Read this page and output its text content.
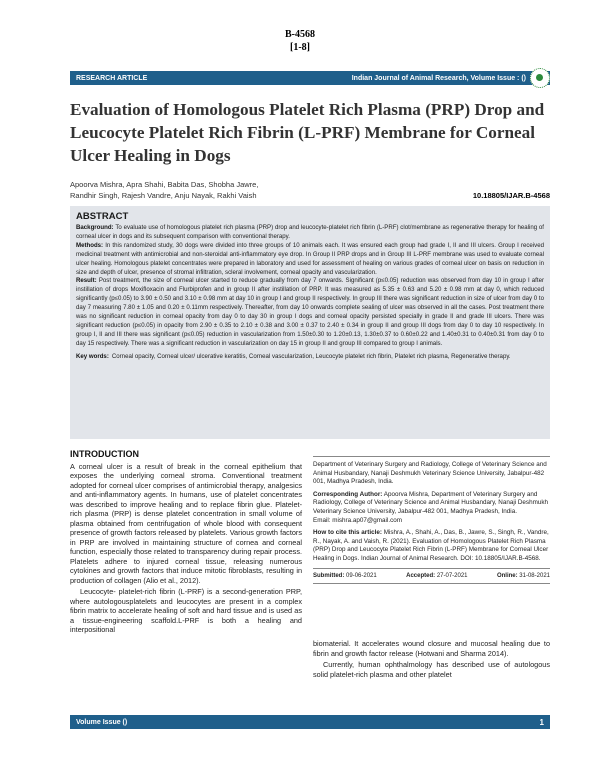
B-4568
[1-8]
RESEARCH ARTICLE	Indian Journal of Animal Research, Volume Issue : ()
Evaluation of Homologous Platelet Rich Plasma (PRP) Drop and Leucocyte Platelet Rich Fibrin (L-PRF) Membrane for Corneal Ulcer Healing in Dogs
Apoorva Mishra, Apra Shahi, Babita Das, Shobha Jawre,
Randhir Singh, Rajesh Vandre, Anju Nayak, Rakhi Vaish	10.18805/IJAR.B-4568
ABSTRACT

Background: To evaluate use of homologous platelet rich plasma (PRP) drop and leucocyte-platelet rich fibrin (L-PRF) clot/membrane as regenerative therapy for healing of corneal ulcer in dogs and its subsequent comparison with conventional therapy.

Methods: In this randomized study, 30 dogs were divided into three groups of 10 animals each. It was ensured each group had grade I, II and III ulcers. Group I received medicinal treatment with antimicrobial and non-steroidal anti-inflammatory eye drop. In Group II PRP drops and in Group III L-PRF membrane was used to evaluate corneal ulcer healing. Homologous platelet concentrates were prepared in laboratory and used for assessment of healing on various grades of corneal ulcer on basis on reduction in size and depth of ulcer, presence of stromal infiltration, scleral involvement, corneal opacity and vascularization.

Result: Post treatment, the size of corneal ulcer started to reduce gradually from day 7 onwards. Significant (p≤0.05) reduction was observed from day 10 in group I after instillation of drops Moxifloxacin and Flurbiprofen and in group II after instillation of PRP. It was measured as 5.35 ± 0.63 and 5.20 ± 0.98 mm at day 0, which reduced significantly (p≤0.05) to 3.90 ± 0.50 and 3.10 ± 0.98 mm at day 10 in group I and group II respectively. In group III there was significant reduction in size of ulcer from day 0 to day 7 measuring 7.80 ± 1.05 and 0.20 ± 0.11mm respectively. Thereafter, from day 10 onwards complete sealing of ulcer was observed in all the cases. Post treatment there was no significant reduction in corneal opacity from day 0 to day 30 in group I dogs and corneal opacity persisted specially in grade II and grade III ulcers. There was significant reduction (p≤0.05) in opacity from 2.90 ± 0.35 to 2.10 ± 0.38 and 3.00 ± 0.37 to 2.40 ± 0.34 in group II and group III dogs from day 0 to day 10 respectively. In group I, II and III there was significant (p≤0.05) reduction in vascularization from 1.50±0.30 to 1.20±0.13, 1.30±0.37 to 0.60±0.22 and 1.40±0.31 to 0.40±0.31 from day 0 to day 15 respectively. There was a significant reduction in vascularization on day 15 in group II and group III compared to group I animals.

Key words: Corneal opacity, Corneal ulcer/ ulcerative keratitis, Corneal vascularization, Leucocyte platelet rich fibrin, Platelet rich plasma, Regenerative therapy.
INTRODUCTION

A corneal ulcer is a result of break in the corneal epithelium that exposes the underlying corneal stroma. Conventional treatment adopted for corneal ulcer comprises of antimicrobial therapy, analgesics and anti-inflammatory agents. In humans, use of platelet concentrates was described to improve healing and to replace fibrin glue. Platelet-rich plasma (PRP) is dense platelet concentration in small volume of plasma obtained from centrifugation of whole blood with consequent presence of growth factors released by platelets. Various growth factors in PRP are involved in maintaining structure of cornea and corneal function, especially those related to transparency during repair process. Platelets adhere to injured corneal tissue, releasing numerous cytokines and growth factors that induce mitotic fibroblasts, resulting in production of collagen (Alio et al., 2012).

Leucocyte- platelet-rich fibrin (L-PRF) is a second-generation PRP, where autologousplatelets and leucocytes are present in a complex fibrin matrix to accelerate healing of soft and hard tissue and is used as a tissue-engineering scaffold.L-PRF is both a healing and interpositional

Department of Veterinary Surgery and Radiology, College of Veterinary Science and Animal Husbandary, Nanaji Deshmukh Veterinary Science University, Jabalpur-482 001, Madhya Pradesh, India.

Corresponding Author: Apoorva Mishra, Department of Veterinary Surgery and Radiology, College of Veterinary Science and Animal Husbandary, Nanaji Deshmukh Veterinary Science University, Jabalpur-482 001, Madhya Pradesh, India.
Email: mishra.ap07@gmail.com

How to cite this article: Mishra, A., Shahi, A., Das, B., Jawre, S., Singh, R., Vandre, R., Nayak, A. and Vaish, R. (2021). Evaluation of Homologous Platelet Rich Plasma (PRP) Drop and Leucocyte Platelet Rich Fibrin (L-PRF) Membrane for Corneal Ulcer Healing in Dogs. Indian Journal of Animal Research. DOI: 10.18805/IJAR.B-4568.

Submitted: 09-06-2021	Accepted: 27-07-2021	Online: 31-08-2021

biomaterial. It accelerates wound closure and mucosal healing due to fibrin and growth factor release (Hotwani and Sharma 2014).

Currently, human ophthalmology has described use of autologous solid platelet-rich plasma and other platelet

Volume Issue ()	1
